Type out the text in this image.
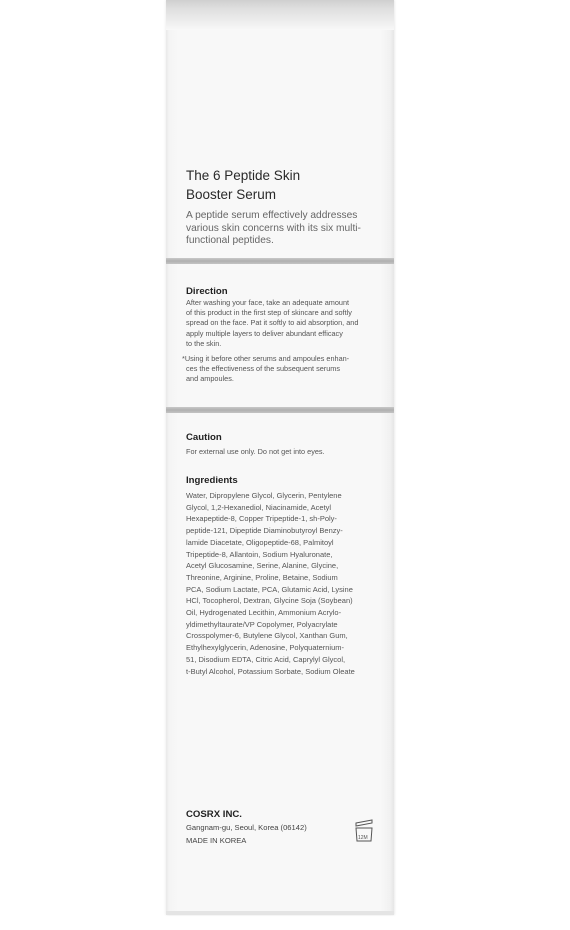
The 6 Peptide Skin
Booster Serum
A peptide serum effectively addresses
various skin concerns with its six multi-
functional peptides.
Direction
After washing your face, take an adequate amount
of this product in the first step of skincare and softly
spread on the face. Pat it softly to aid absorption, and
apply multiple layers to deliver abundant efficacy
to the skin.
*Using it before other serums and ampoules enhan-
ces the effectiveness of the subsequent serums
and ampoules.
Caution
For external use only. Do not get into eyes.
Ingredients
Water, Dipropylene Glycol, Glycerin, Pentylene
Glycol, 1,2-Hexanediol, Niacinamide, Acetyl
Hexapeptide-8, Copper Tripeptide-1, sh-Poly-
peptide-121, Dipeptide Diaminobutyroyl Benzy-
lamide Diacetate, Oligopeptide-68, Palmitoyl
Tripeptide-8, Allantoin, Sodium Hyaluronate,
Acetyl Glucosamine, Serine, Alanine, Glycine,
Threonine, Arginine, Proline, Betaine, Sodium
PCA, Sodium Lactate, PCA, Glutamic Acid, Lysine
HCl, Tocopherol, Dextran, Glycine Soja (Soybean)
Oil, Hydrogenated Lecithin, Ammonium Acrylo-
yldimethyltaurate/VP Copolymer, Polyacrylate
Crosspolymer-6, Butylene Glycol, Xanthan Gum,
Ethylhexylglycerin, Adenosine, Polyquaternium-
51, Disodium EDTA, Citric Acid, Caprylyl Glycol,
t-Butyl Alcohol, Potassium Sorbate, Sodium Oleate
COSRX INC.
Gangnam-gu, Seoul, Korea (06142)
MADE IN KOREA	12M
